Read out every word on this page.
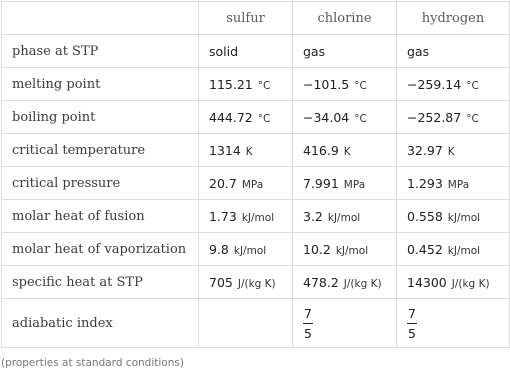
	sulfur	chlorine	hydrogen
phase at STP	solid	gas	gas
melting point	115.21 °C	−101.5 °C	−259.14 °C
boiling point	444.72 °C	−34.04 °C	−252.87 °C
critical temperature	1314 K	416.9 K	32.97 K
critical pressure	20.7 MPa	7.991 MPa	1.293 MPa
molar heat of fusion	1.73 kJ/mol	3.2 kJ/mol	0.558 kJ/mol
molar heat of vaporization	9.8 kJ/mol	10.2 kJ/mol	0.452 kJ/mol
specific heat at STP	705 J/(kg K)	478.2 J/(kg K)	14300 J/(kg K)
adiabatic index		$\frac{7}{5}$	$\frac{7}{5}$
(properties at standard conditions)
